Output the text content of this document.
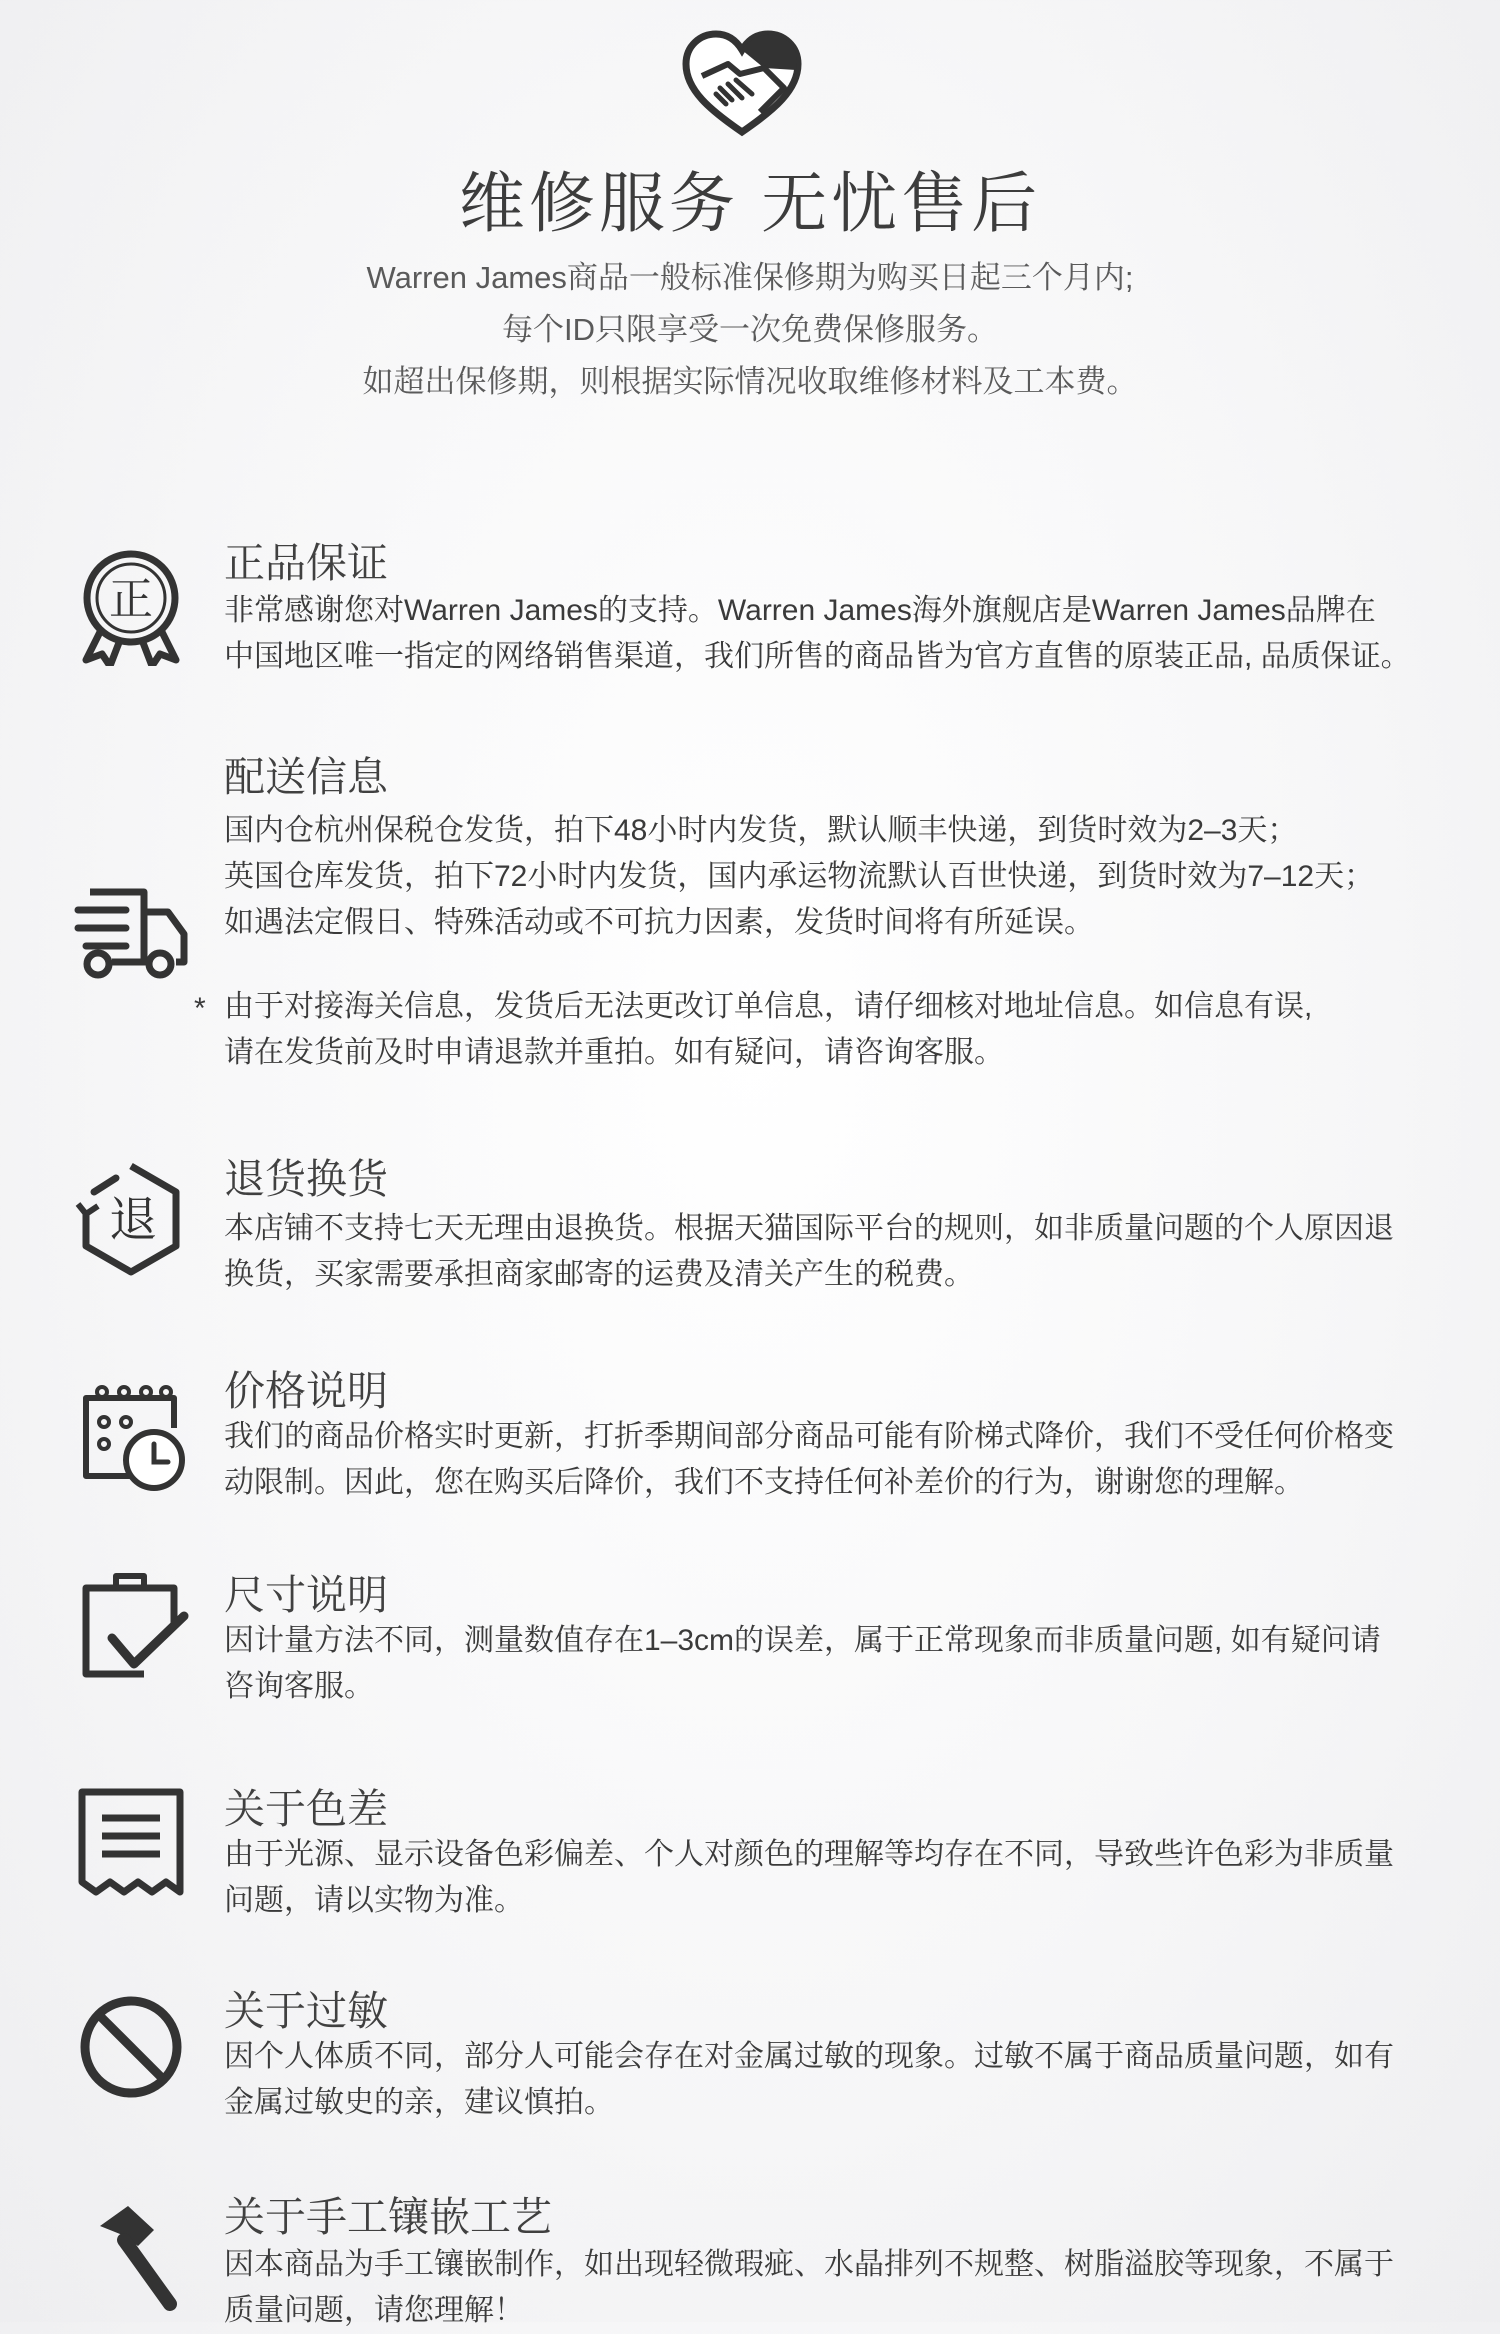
维修服务 无忧售后
Warren James商品一般标准保修期为购买日起三个月内;
每个ID只限享受一次免费保修服务。
如超出保修期，则根据实际情况收取维修材料及工本费。
正
正品保证
非常感谢您对Warren James的支持。Warren James海外旗舰店是Warren James品牌在
中国地区唯一指定的网络销售渠道，我们所售的商品皆为官方直售的原装正品, 品质保证。
配送信息
国内仓杭州保税仓发货，拍下48小时内发货，默认顺丰快递，到货时效为2–3天；
英国仓库发货，拍下72小时内发货，国内承运物流默认百世快递，到货时效为7–12天；
如遇法定假日、特殊活动或不可抗力因素，发货时间将有所延误。
* 由于对接海关信息，发货后无法更改订单信息，请仔细核对地址信息。如信息有误,
请在发货前及时申请退款并重拍。如有疑问，请咨询客服。
退
退货换货
本店铺不支持七天无理由退换货。根据天猫国际平台的规则，如非质量问题的个人原因退
换货，买家需要承担商家邮寄的运费及清关产生的税费。
价格说明
我们的商品价格实时更新，打折季期间部分商品可能有阶梯式降价，我们不受任何价格变
动限制。因此，您在购买后降价，我们不支持任何补差价的行为，谢谢您的理解。
尺寸说明
因计量方法不同，测量数值存在1–3cm的误差，属于正常现象而非质量问题, 如有疑问请
咨询客服。
关于色差
由于光源、显示设备色彩偏差、个人对颜色的理解等均存在不同，导致些许色彩为非质量
问题，请以实物为准。
关于过敏
因个人体质不同，部分人可能会存在对金属过敏的现象。过敏不属于商品质量问题，如有
金属过敏史的亲，建议慎拍。
关于手工镶嵌工艺
因本商品为手工镶嵌制作，如出现轻微瑕疵、水晶排列不规整、树脂溢胶等现象，不属于
质量问题，请您理解！
